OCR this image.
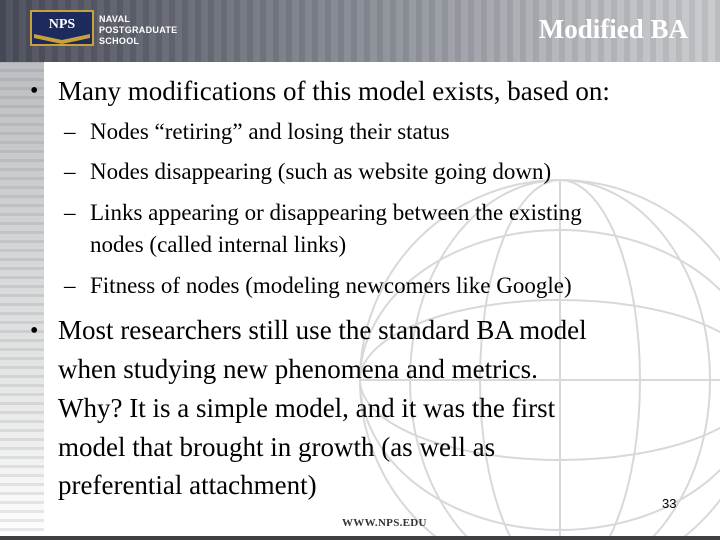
NPS	NAVAL
POSTGRADUATE
SCHOOL	Modified BA
• Many modifications of this model exists, based on:
– Nodes “retiring” and losing their status
– Nodes disappearing (such as website going down)
– Links appearing or disappearing between the existing
nodes (called internal links)
– Fitness of nodes (modeling newcomers like Google)
• Most researchers still use the standard BA model
when studying new phenomena and metrics.
Why? It is a simple model, and it was the first
model that brought in growth (as well as
preferential attachment)
33
WWW.NPS.EDU
